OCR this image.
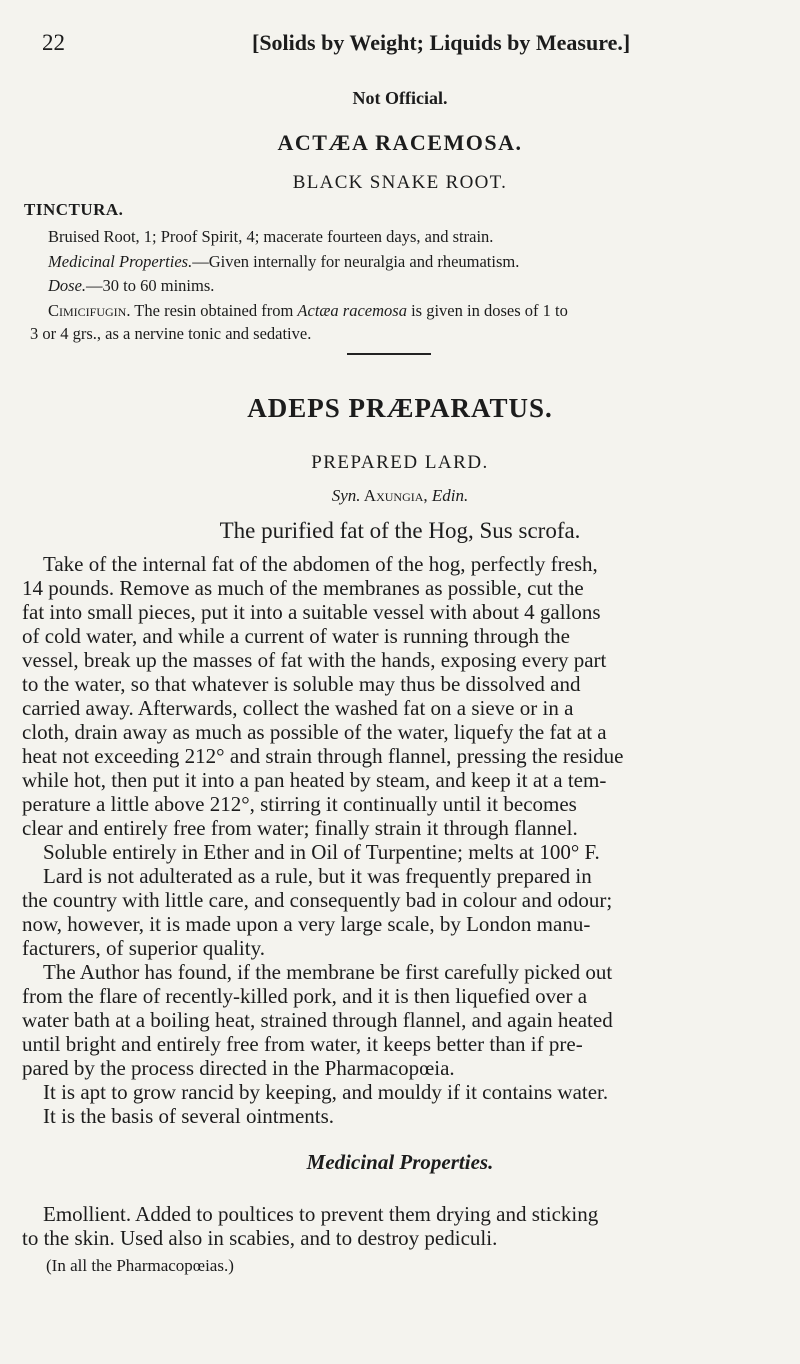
22	[Solids by Weight; Liquids by Measure.]
Not Official.
ACTÆA RACEMOSA.
BLACK SNAKE ROOT.
TINCTURA.
Bruised Root, 1; Proof Spirit, 4; macerate fourteen days, and strain.
Medicinal Properties.—Given internally for neuralgia and rheumatism.
Dose.—30 to 60 minims.
Cimicifugin. The resin obtained from Actæa racemosa is given in doses of 1 to
3 or 4 grs., as a nervine tonic and sedative.
ADEPS PRÆPARATUS.
PREPARED LARD.
Syn. Axungia, Edin.
The purified fat of the Hog, Sus scrofa.
Take of the internal fat of the abdomen of the hog, perfectly fresh,
14 pounds. Remove as much of the membranes as possible, cut the
fat into small pieces, put it into a suitable vessel with about 4 gallons
of cold water, and while a current of water is running through the
vessel, break up the masses of fat with the hands, exposing every part
to the water, so that whatever is soluble may thus be dissolved and
carried away. Afterwards, collect the washed fat on a sieve or in a
cloth, drain away as much as possible of the water, liquefy the fat at a
heat not exceeding 212° and strain through flannel, pressing the residue
while hot, then put it into a pan heated by steam, and keep it at a tem-
perature a little above 212°, stirring it continually until it becomes
clear and entirely free from water; finally strain it through flannel.
Soluble entirely in Ether and in Oil of Turpentine; melts at 100° F.
Lard is not adulterated as a rule, but it was frequently prepared in
the country with little care, and consequently bad in colour and odour;
now, however, it is made upon a very large scale, by London manu-
facturers, of superior quality.
The Author has found, if the membrane be first carefully picked out
from the flare of recently-killed pork, and it is then liquefied over a
water bath at a boiling heat, strained through flannel, and again heated
until bright and entirely free from water, it keeps better than if pre-
pared by the process directed in the Pharmacopœia.
It is apt to grow rancid by keeping, and mouldy if it contains water.
It is the basis of several ointments.
Medicinal Properties.
Emollient. Added to poultices to prevent them drying and sticking
to the skin. Used also in scabies, and to destroy pediculi.
(In all the Pharmacopœias.)
